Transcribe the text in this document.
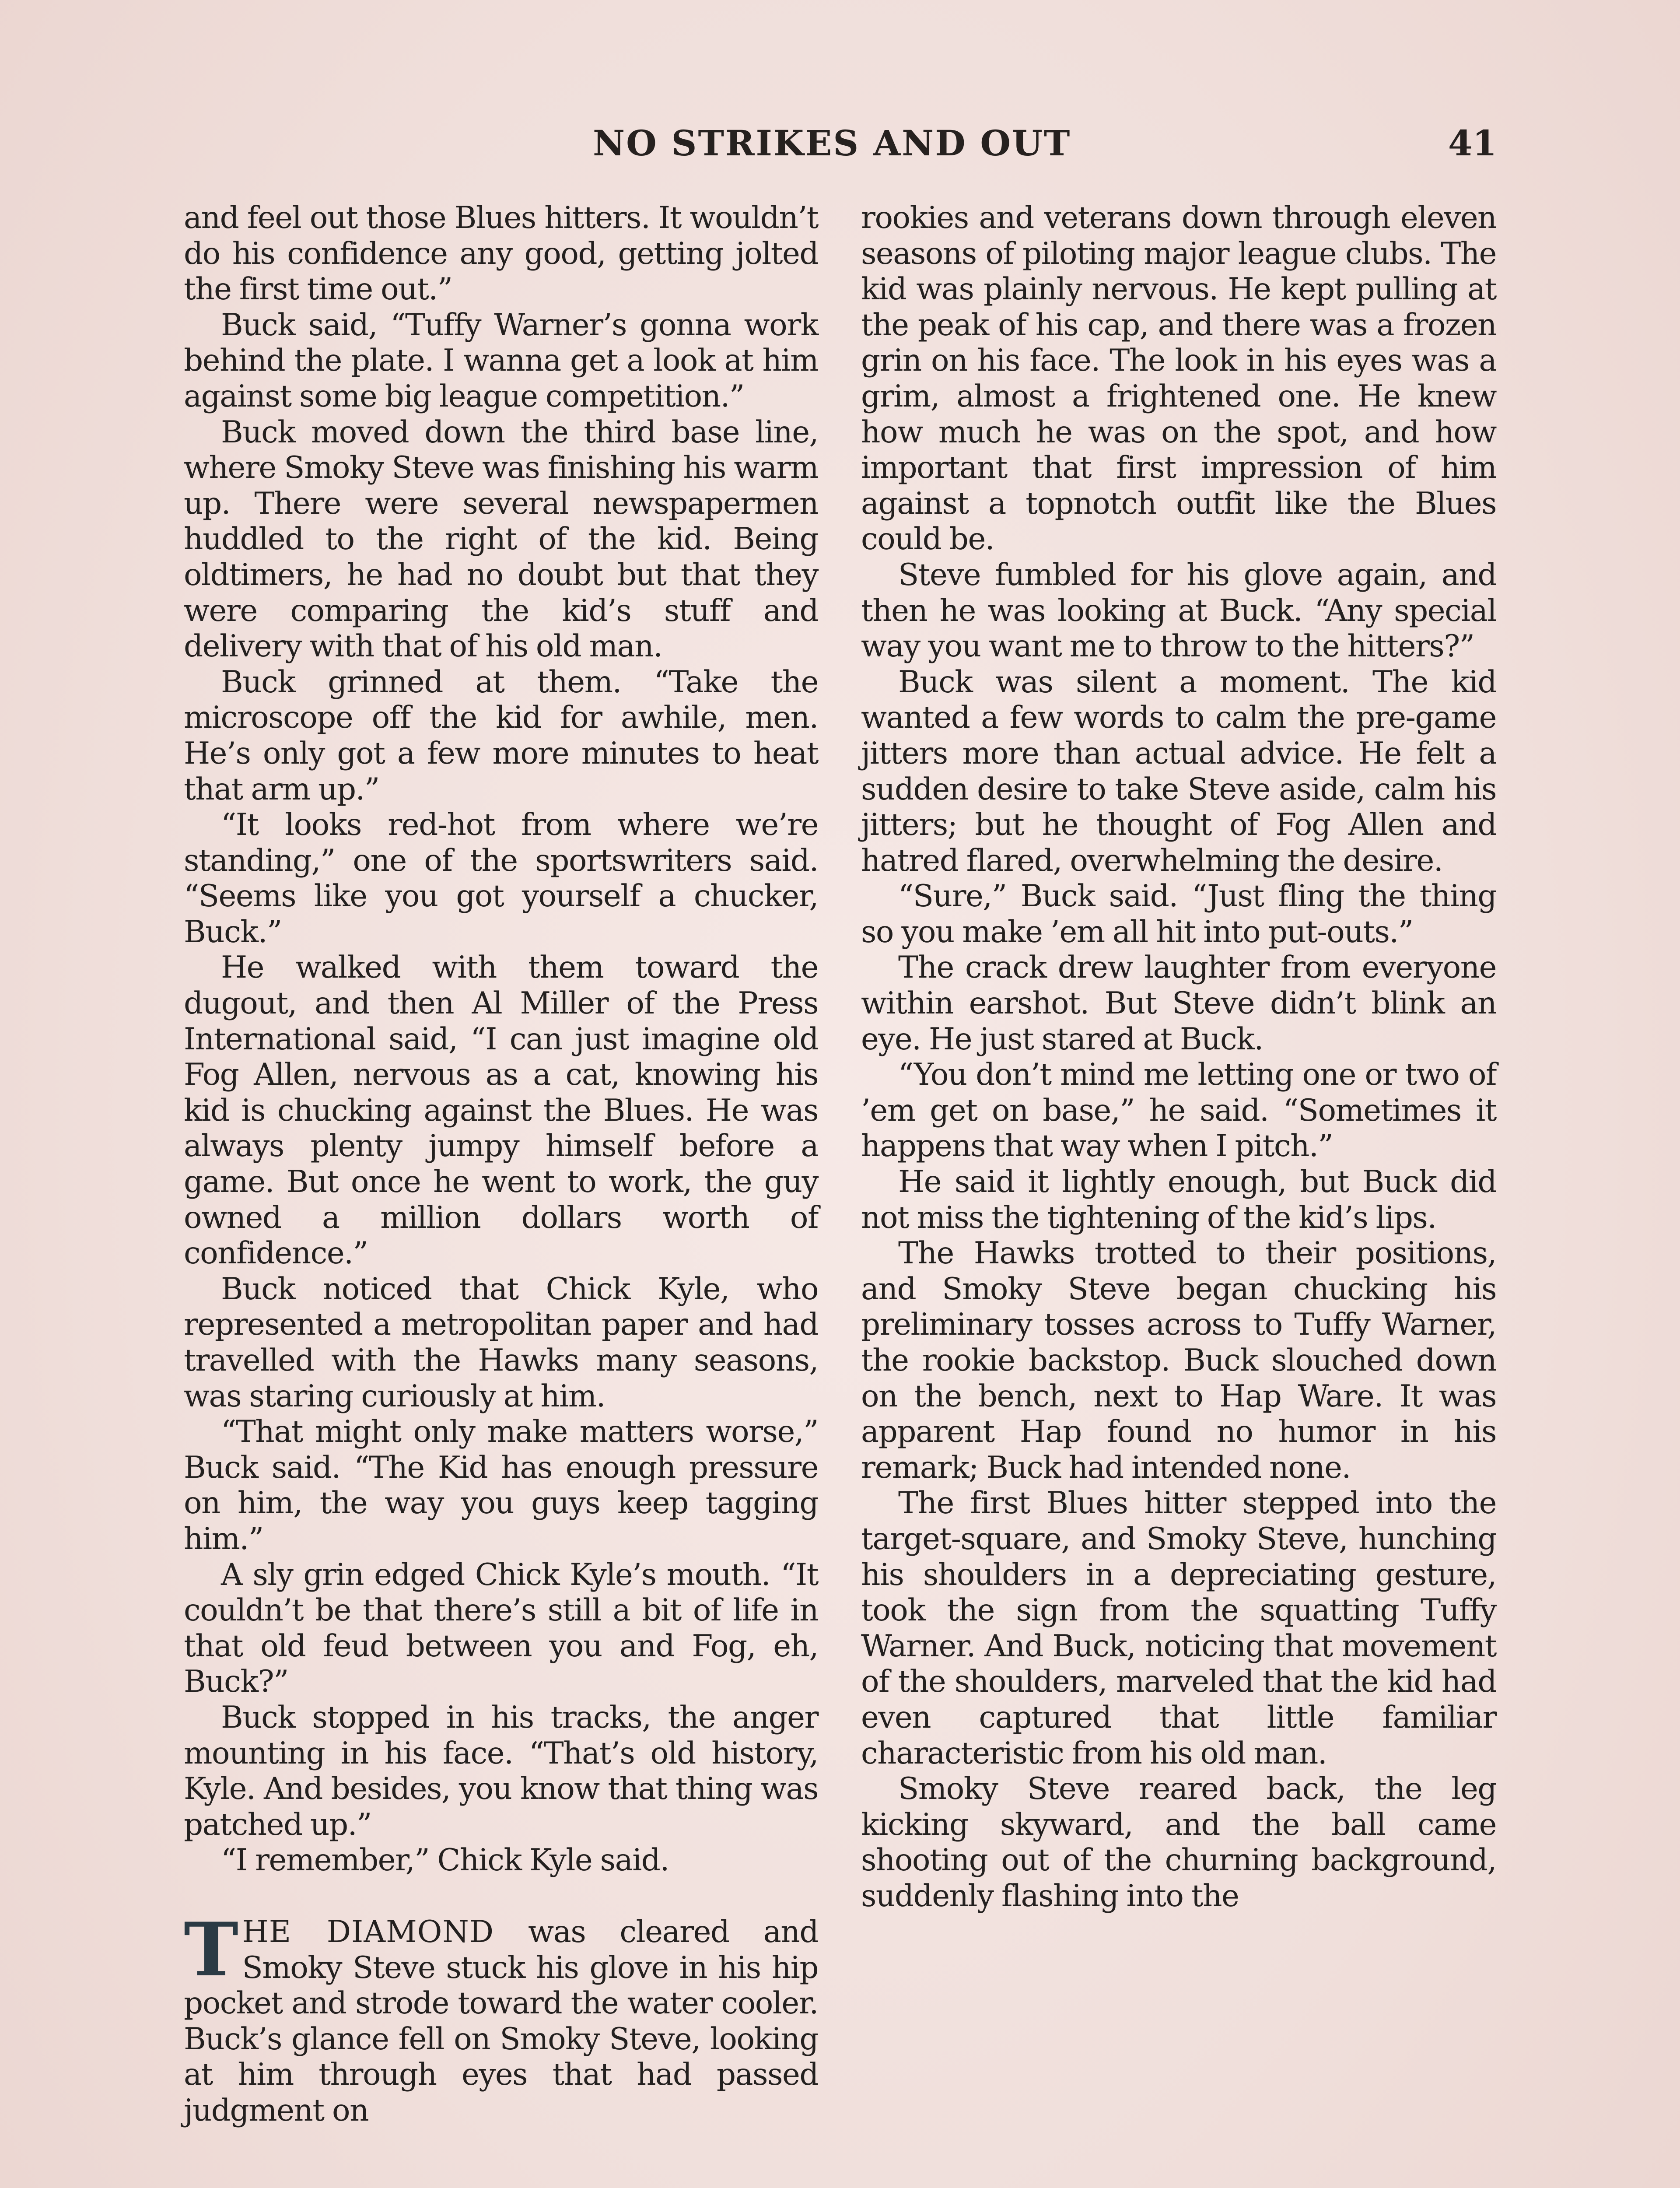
NO STRIKES AND OUT	41

and feel out those Blues hitters. It wouldn’t do his confidence any good, getting jolted the first time out.”

Buck said, “Tuffy Warner’s gonna work behind the plate. I wanna get a look at him against some big league competition.”

Buck moved down the third base line, where Smoky Steve was finishing his warm up. There were several newspapermen huddled to the right of the kid. Being oldtimers, he had no doubt but that they were comparing the kid’s stuff and delivery with that of his old man.

Buck grinned at them. “Take the microscope off the kid for awhile, men. He’s only got a few more minutes to heat that arm up.”

“It looks red-hot from where we’re standing,” one of the sportswriters said. “Seems like you got yourself a chucker, Buck.”

He walked with them toward the dugout, and then Al Miller of the Press International said, “I can just imagine old Fog Allen, nervous as a cat, knowing his kid is chucking against the Blues. He was always plenty jumpy himself before a game. But once he went to work, the guy owned a million dollars worth of confidence.”

Buck noticed that Chick Kyle, who represented a metropolitan paper and had travelled with the Hawks many seasons, was staring curiously at him.

“That might only make matters worse,” Buck said. “The Kid has enough pressure on him, the way you guys keep tagging him.”

A sly grin edged Chick Kyle’s mouth. “It couldn’t be that there’s still a bit of life in that old feud between you and Fog, eh, Buck?”

Buck stopped in his tracks, the anger mounting in his face. “That’s old history, Kyle. And besides, you know that thing was patched up.”

“I remember,” Chick Kyle said.

THE DIAMOND was cleared and Smoky Steve stuck his glove in his hip pocket and strode toward the water cooler. Buck’s glance fell on Smoky Steve, looking at him through eyes that had passed judgment on

rookies and veterans down through eleven seasons of piloting major league clubs. The kid was plainly nervous. He kept pulling at the peak of his cap, and there was a frozen grin on his face. The look in his eyes was a grim, almost a frightened one. He knew how much he was on the spot, and how important that first impression of him against a topnotch outfit like the Blues could be.

Steve fumbled for his glove again, and then he was looking at Buck. “Any special way you want me to throw to the hitters?”

Buck was silent a moment. The kid wanted a few words to calm the pre-game jitters more than actual advice. He felt a sudden desire to take Steve aside, calm his jitters; but he thought of Fog Allen and hatred flared, overwhelming the desire.

“Sure,” Buck said. “Just fling the thing so you make ’em all hit into put-outs.”

The crack drew laughter from everyone within earshot. But Steve didn’t blink an eye. He just stared at Buck.

“You don’t mind me letting one or two of ’em get on base,” he said. “Sometimes it happens that way when I pitch.”

He said it lightly enough, but Buck did not miss the tightening of the kid’s lips.

The Hawks trotted to their positions, and Smoky Steve began chucking his preliminary tosses across to Tuffy Warner, the rookie backstop. Buck slouched down on the bench, next to Hap Ware. It was apparent Hap found no humor in his remark; Buck had intended none.

The first Blues hitter stepped into the target-square, and Smoky Steve, hunching his shoulders in a depreciating gesture, took the sign from the squatting Tuffy Warner. And Buck, noticing that movement of the shoulders, marveled that the kid had even captured that little familiar characteristic from his old man.

Smoky Steve reared back, the leg kicking skyward, and the ball came shooting out of the churning background, suddenly flashing into the
